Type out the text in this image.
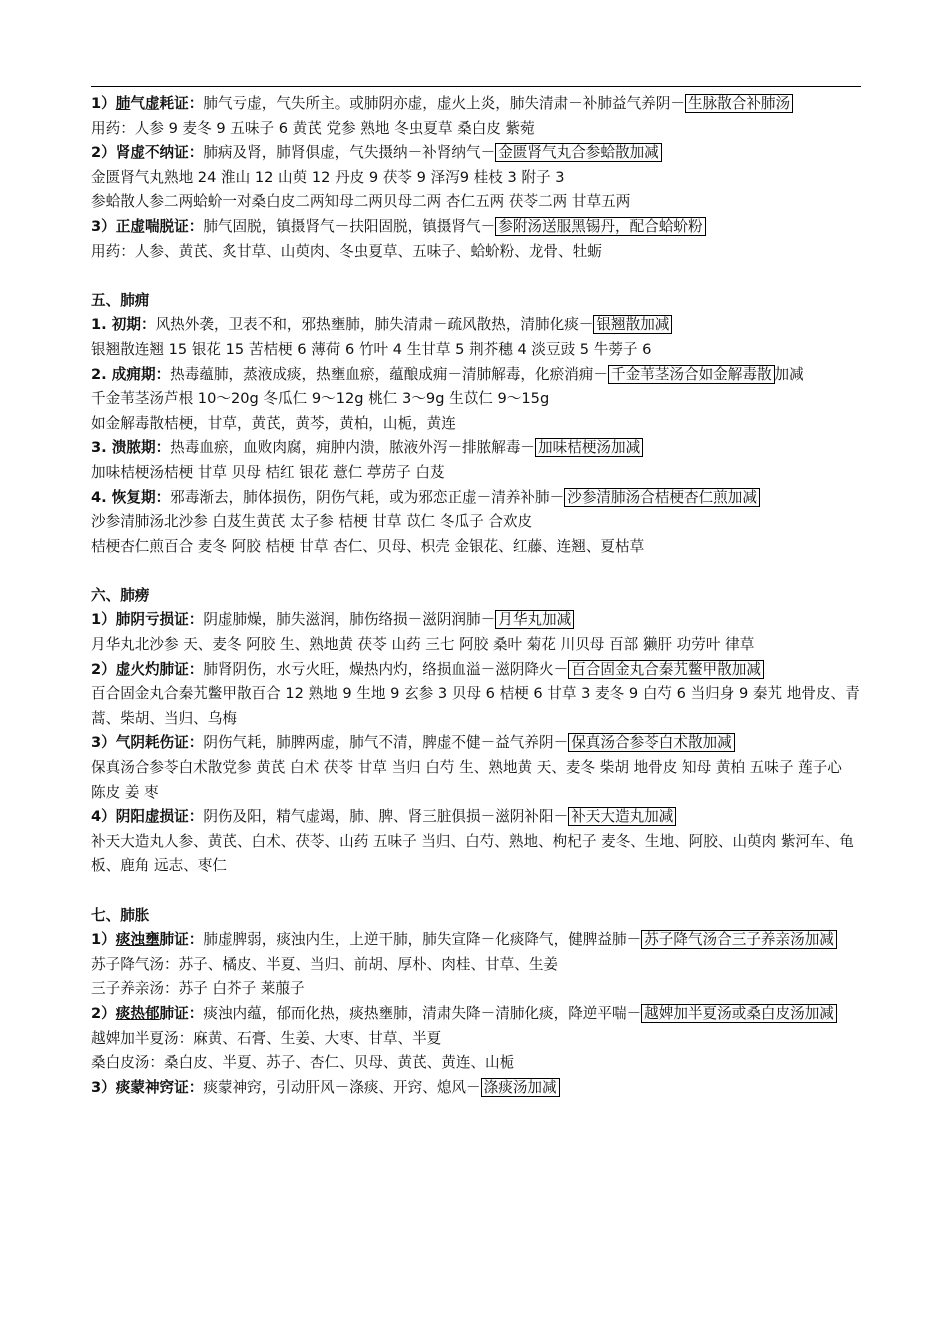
1）肺气虚耗证：肺气亏虚，气失所主。或肺阴亦虚，虚火上炎，肺失清肃－补肺益气养阴－ 生脉散合补肺汤

用药：人参 9 麦冬 9 五味子 6 黄芪 党参 熟地 冬虫夏草 桑白皮 紫菀

2）肾虚不纳证：肺病及肾，肺肾俱虚，气失摄纳－补肾纳气－ 金匮肾气丸合参蛤散加减

金匮肾气丸熟地 24 淮山 12 山萸 12 丹皮 9 茯苓 9 泽泻9 桂枝 3 附子 3

参蛤散人参二两蛤蚧一对桑白皮二两知母二两贝母二两 杏仁五两 茯苓二两 甘草五两

3）正虚喘脱证：肺气固脱，镇摄肾气－扶阳固脱，镇摄肾气－ 参附汤送服黑锡丹，配合蛤蚧粉

用药：人参、黄芪、炙甘草、山萸肉、冬虫夏草、五味子、蛤蚧粉、龙骨、牡蛎

五、肺痈

1. 初期：风热外袭，卫表不和，邪热壅肺，肺失清肃－疏风散热，清肺化痰－ 银翘散加减

银翘散连翘 15 银花 15 苦桔梗 6 薄荷 6 竹叶 4 生甘草 5 荆芥穗 4 淡豆豉 5 牛蒡子 6

2. 成痈期：热毒蕴肺，蒸液成痰，热壅血瘀，蕴酿成痈－清肺解毒，化瘀消痈－ 千金苇茎汤合如金解毒散 加减

千金苇茎汤芦根 10～20g 冬瓜仁 9～12g 桃仁 3～9g 生苡仁 9～15g

如金解毒散桔梗，甘草，黄芪，黄芩，黄柏，山栀，黄连

3. 溃脓期：热毒血瘀，血败肉腐，痈肿内溃，脓液外泻－排脓解毒－ 加味桔梗汤加减

加味桔梗汤桔梗 甘草 贝母 桔红 银花 薏仁 葶苈子 白芨

4. 恢复期：邪毒渐去，肺体损伤，阴伤气耗，或为邪恋正虚－清养补肺－ 沙参清肺汤合桔梗杏仁煎加减

沙参清肺汤北沙参 白芨生黄芪 太子参 桔梗 甘草 苡仁 冬瓜子 合欢皮

桔梗杏仁煎百合 麦冬 阿胶 桔梗 甘草 杏仁、贝母、枳壳 金银花、红藤、连翘、夏枯草

六、肺痨

1）肺阴亏损证：阴虚肺燥，肺失滋润，肺伤络损－滋阴润肺－ 月华丸加减

月华丸北沙参 天、麦冬 阿胶 生、熟地黄 茯苓 山药 三七 阿胶 桑叶 菊花 川贝母 百部 獭肝 功劳叶 律草

2）虚火灼肺证：肺肾阴伤，水亏火旺，燥热内灼，络损血溢－滋阴降火－ 百合固金丸合秦艽鳖甲散加减

百合固金丸合秦艽鳖甲散百合 12 熟地 9 生地 9 玄参 3 贝母 6 桔梗 6 甘草 3 麦冬 9 白芍 6 当归身 9 秦艽 地骨皮、青蒿、柴胡、当归、乌梅

3）气阴耗伤证：阴伤气耗，肺脾两虚，肺气不清，脾虚不健－益气养阴－ 保真汤合参苓白术散加减

保真汤合参苓白术散党参 黄芪 白术 茯苓 甘草 当归 白芍 生、熟地黄 天、麦冬 柴胡 地骨皮 知母 黄柏 五味子 莲子心 陈皮 姜 枣

4）阴阳虚损证：阴伤及阳，精气虚竭，肺、脾、肾三脏俱损－滋阴补阳－ 补天大造丸加减

补天大造丸人参、黄芪、白术、茯苓、山药 五味子 当归、白芍、熟地、枸杞子 麦冬、生地、阿胶、山萸肉 紫河车、龟板、鹿角 远志、枣仁

七、肺胀

1）痰浊壅肺证：肺虚脾弱，痰浊内生，上逆干肺，肺失宣降－化痰降气，健脾益肺－ 苏子降气汤合三子养亲汤加减

苏子降气汤：苏子、橘皮、半夏、当归、前胡、厚朴、肉桂、甘草、生姜

三子养亲汤：苏子 白芥子 莱菔子

2）痰热郁肺证：痰浊内蕴，郁而化热，痰热壅肺，清肃失降－清肺化痰，降逆平喘－ 越婢加半夏汤或桑白皮汤加减

越婢加半夏汤：麻黄、石膏、生姜、大枣、甘草、半夏

桑白皮汤：桑白皮、半夏、苏子、杏仁、贝母、黄芪、黄连、山栀

3）痰蒙神窍证：痰蒙神窍，引动肝风－涤痰、开窍、熄风－ 涤痰汤加减
